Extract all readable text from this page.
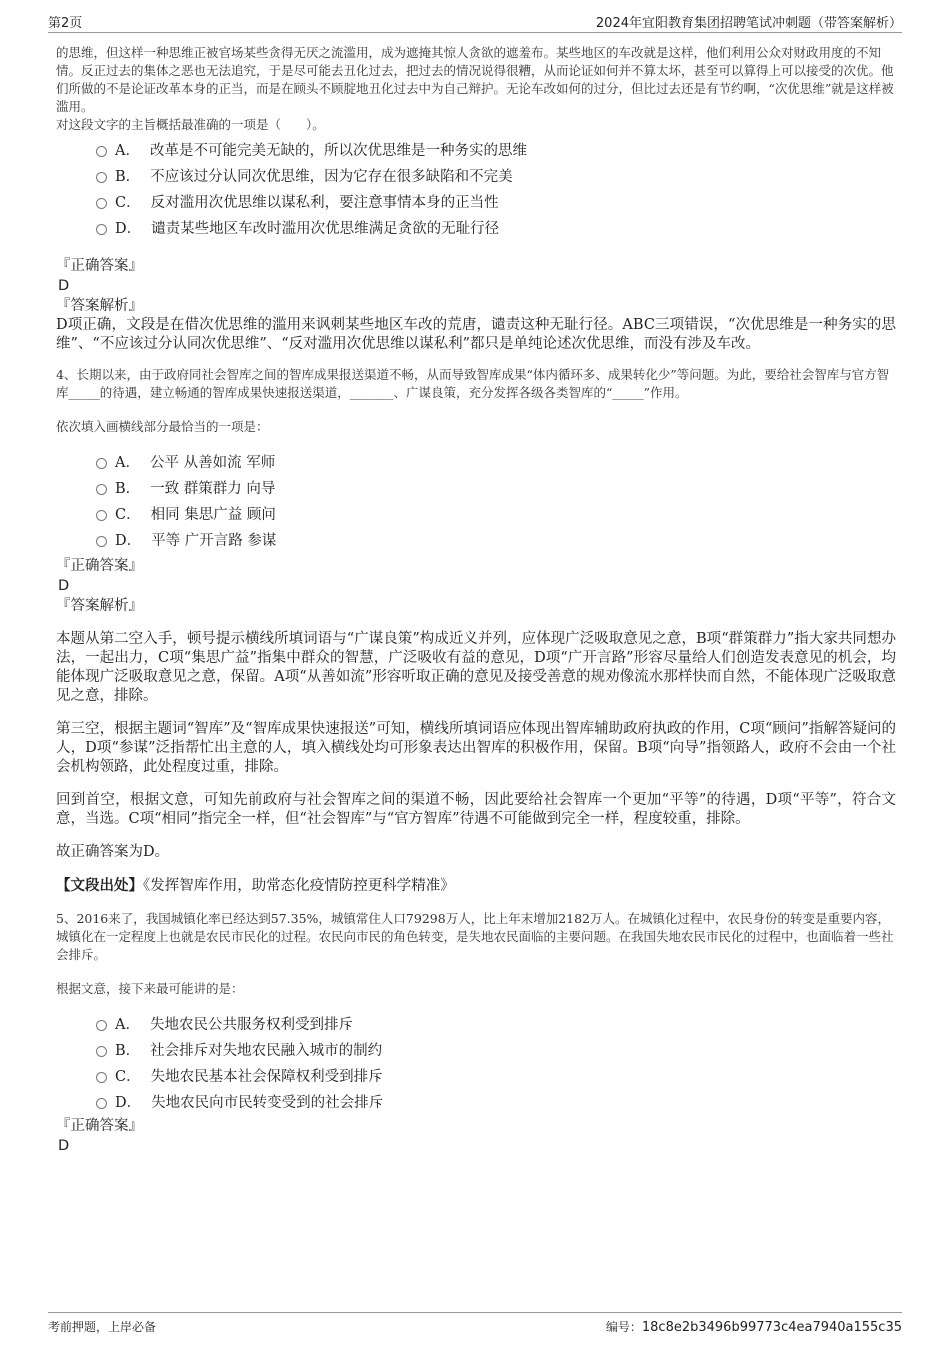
第2页	2024年宜阳教育集团招聘笔试冲刺题（带答案解析）

的思维，但这样一种思维正被官场某些贪得无厌之流滥用，成为遮掩其惊人贪欲的遮羞布。某些地区的车改就是这样，他们利用公众对财政用度的不知情。反正过去的集体之恶也无法追究，于是尽可能去丑化过去，把过去的情况说得很糟，从而论证如何并不算太坏，甚至可以算得上可以接受的次优。他们所做的不是论证改革本身的正当，而是在顾头不顾腚地丑化过去中为自己辩护。无论车改如何的过分，但比过去还是有节约啊，“次优思维”就是这样被滥用。

对这段文字的主旨概括最准确的一项是（　　）。

A． 改革是不可能完美无缺的，所以次优思维是一种务实的思维
B． 不应该过分认同次优思维，因为它存在很多缺陷和不完美
C． 反对滥用次优思维以谋私利，要注意事情本身的正当性
D． 谴责某些地区车改时滥用次优思维满足贪欲的无耻行径

『正确答案』

D

『答案解析』

D项正确，文段是在借次优思维的滥用来讽刺某些地区车改的荒唐，谴责这种无耻行径。ABC三项错误，“次优思维是一种务实的思维”、“不应该过分认同次优思维”、“反对滥用次优思维以谋私利”都只是单纯论述次优思维，而没有涉及车改。

4、长期以来，由于政府同社会智库之间的智库成果报送渠道不畅，从而导致智库成果“体内循环多、成果转化少”等问题。为此，要给社会智库与官方智库_____的待遇，建立畅通的智库成果快速报送渠道，_______、广谋良策，充分发挥各级各类智库的“_____”作用。

依次填入画横线部分最恰当的一项是：

A． 公平 从善如流 军师
B． 一致 群策群力 向导
C． 相同 集思广益 顾问
D． 平等 广开言路 参谋

『正确答案』

D

『答案解析』

本题从第二空入手，顿号提示横线所填词语与“广谋良策”构成近义并列，应体现广泛吸取意见之意，B项“群策群力”指大家共同想办法，一起出力，C项“集思广益”指集中群众的智慧，广泛吸收有益的意见，D项“广开言路”形容尽量给人们创造发表意见的机会，均能体现广泛吸取意见之意，保留。A项“从善如流”形容听取正确的意见及接受善意的规劝像流水那样快而自然，不能体现广泛吸取意见之意，排除。

第三空，根据主题词“智库”及“智库成果快速报送”可知，横线所填词语应体现出智库辅助政府执政的作用，C项“顾问”指解答疑问的人，D项“参谋”泛指帮忙出主意的人，填入横线处均可形象表达出智库的积极作用，保留。B项“向导”指领路人，政府不会由一个社会机构领路，此处程度过重，排除。

回到首空，根据文意，可知先前政府与社会智库之间的渠道不畅，因此要给社会智库一个更加“平等”的待遇，D项“平等”，符合文意，当选。C项“相同”指完全一样，但“社会智库”与“官方智库”待遇不可能做到完全一样，程度较重，排除。

故正确答案为D。

【文段出处】《发挥智库作用，助常态化疫情防控更科学精准》

5、2016来了，我国城镇化率已经达到57.35%，城镇常住人口79298万人，比上年末增加2182万人。在城镇化过程中，农民身份的转变是重要内容，城镇化在一定程度上也就是农民市民化的过程。农民向市民的角色转变，是失地农民面临的主要问题。在我国失地农民市民化的过程中，也面临着一些社会排斥。

根据文意，接下来最可能讲的是：

A． 失地农民公共服务权利受到排斥
B． 社会排斥对失地农民融入城市的制约
C． 失地农民基本社会保障权利受到排斥
D． 失地农民向市民转变受到的社会排斥

『正确答案』

D

考前押题，上岸必备	编号：18c8e2b3496b99773c4ea7940a155c35
